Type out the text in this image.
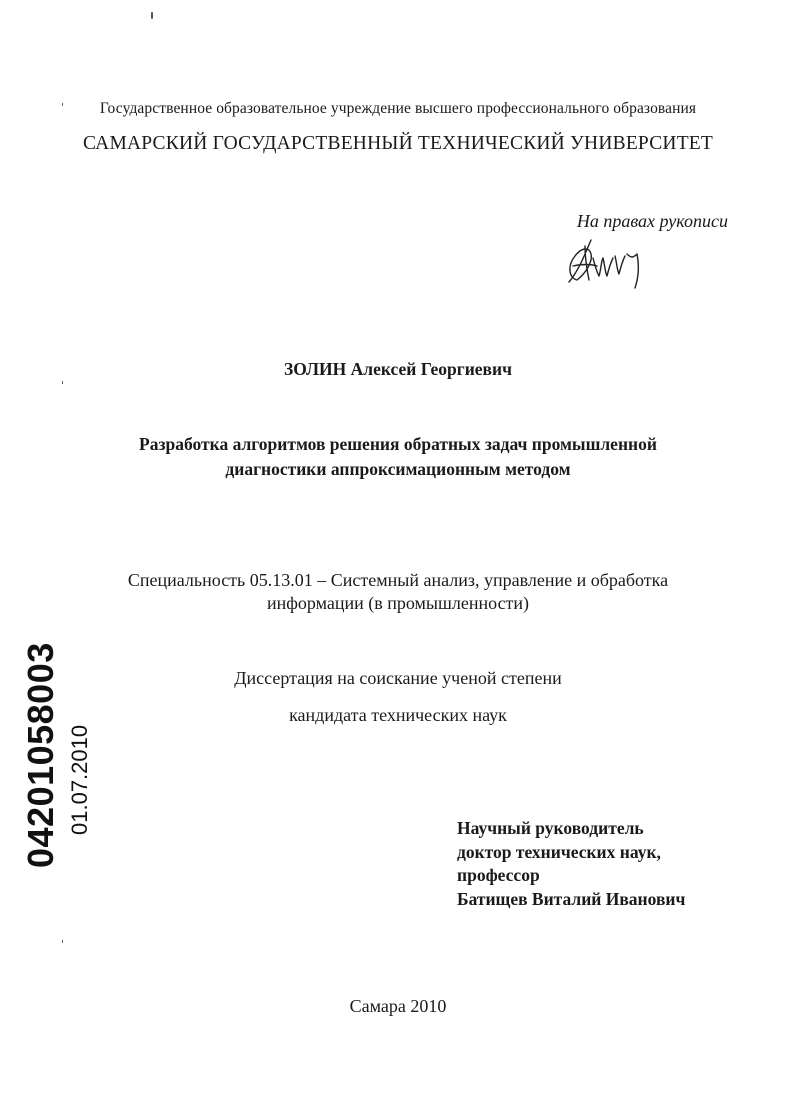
Государственное образовательное учреждение высшего профессионального образования
САМАРСКИЙ ГОСУДАРСТВЕННЫЙ ТЕХНИЧЕСКИЙ УНИВЕРСИТЕТ
На правах рукописи
ЗОЛИН Алексей Георгиевич
Разработка алгоритмов решения обратных задач промышленной
диагностики аппроксимационным методом
Специальность 05.13.01 – Системный анализ, управление и обработка
информации (в промышленности)
Диссертация на соискание ученой степени
кандидата технических наук
Научный руководитель
доктор технических наук,
профессор
Батищев Виталий Иванович
Самара 2010
04201058003 01.07.2010
